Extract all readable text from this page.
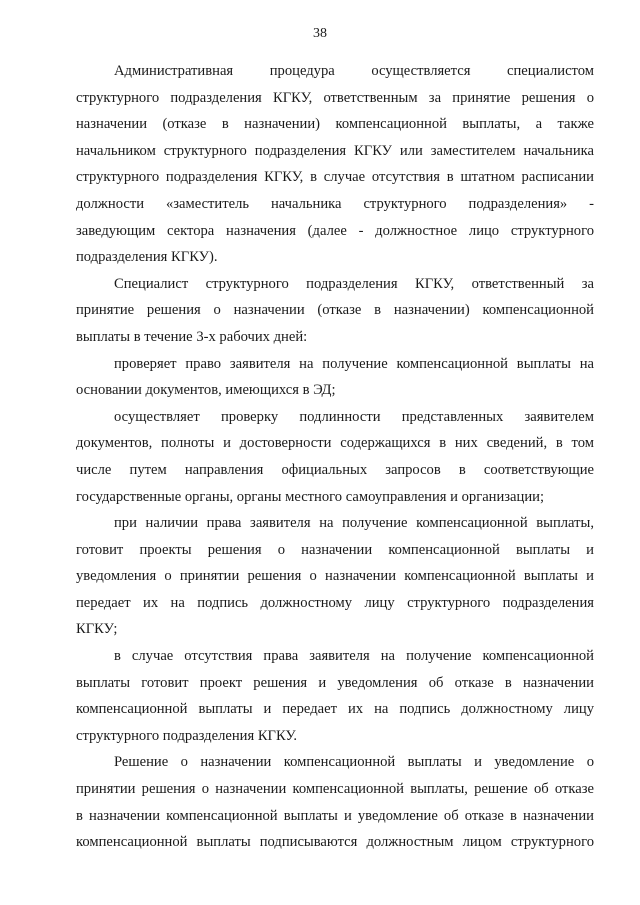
38
Административная процедура осуществляется специалистом
структурного подразделения КГКУ, ответственным за принятие решения о
назначении (отказе в назначении) компенсационной выплаты, а также
начальником структурного подразделения КГКУ или заместителем начальника
структурного подразделения КГКУ, в случае отсутствия в штатном расписании
должности «заместитель начальника структурного подразделения» -
заведующим сектора назначения (далее - должностное лицо структурного
подразделения КГКУ).
Специалист структурного подразделения КГКУ, ответственный за
принятие решения о назначении (отказе в назначении) компенсационной
выплаты в течение 3-х рабочих дней:
проверяет право заявителя на получение компенсационной выплаты на
основании документов, имеющихся в ЭД;
осуществляет проверку подлинности представленных заявителем
документов, полноты и достоверности содержащихся в них сведений, в том
числе путем направления официальных запросов в соответствующие
государственные органы, органы местного самоуправления и организации;
при наличии права заявителя на получение компенсационной выплаты,
готовит проекты решения о назначении компенсационной выплаты и
уведомления о принятии решения о назначении компенсационной выплаты и
передает их на подпись должностному лицу структурного подразделения
КГКУ;
в случае отсутствия права заявителя на получение компенсационной
выплаты готовит проект решения и уведомления об отказе в назначении
компенсационной выплаты и передает их на подпись должностному лицу
структурного подразделения КГКУ.
Решение о назначении компенсационной выплаты и уведомление о
принятии решения о назначении компенсационной выплаты, решение об отказе
в назначении компенсационной выплаты и уведомление об отказе в назначении
компенсационной выплаты подписываются должностным лицом структурного
